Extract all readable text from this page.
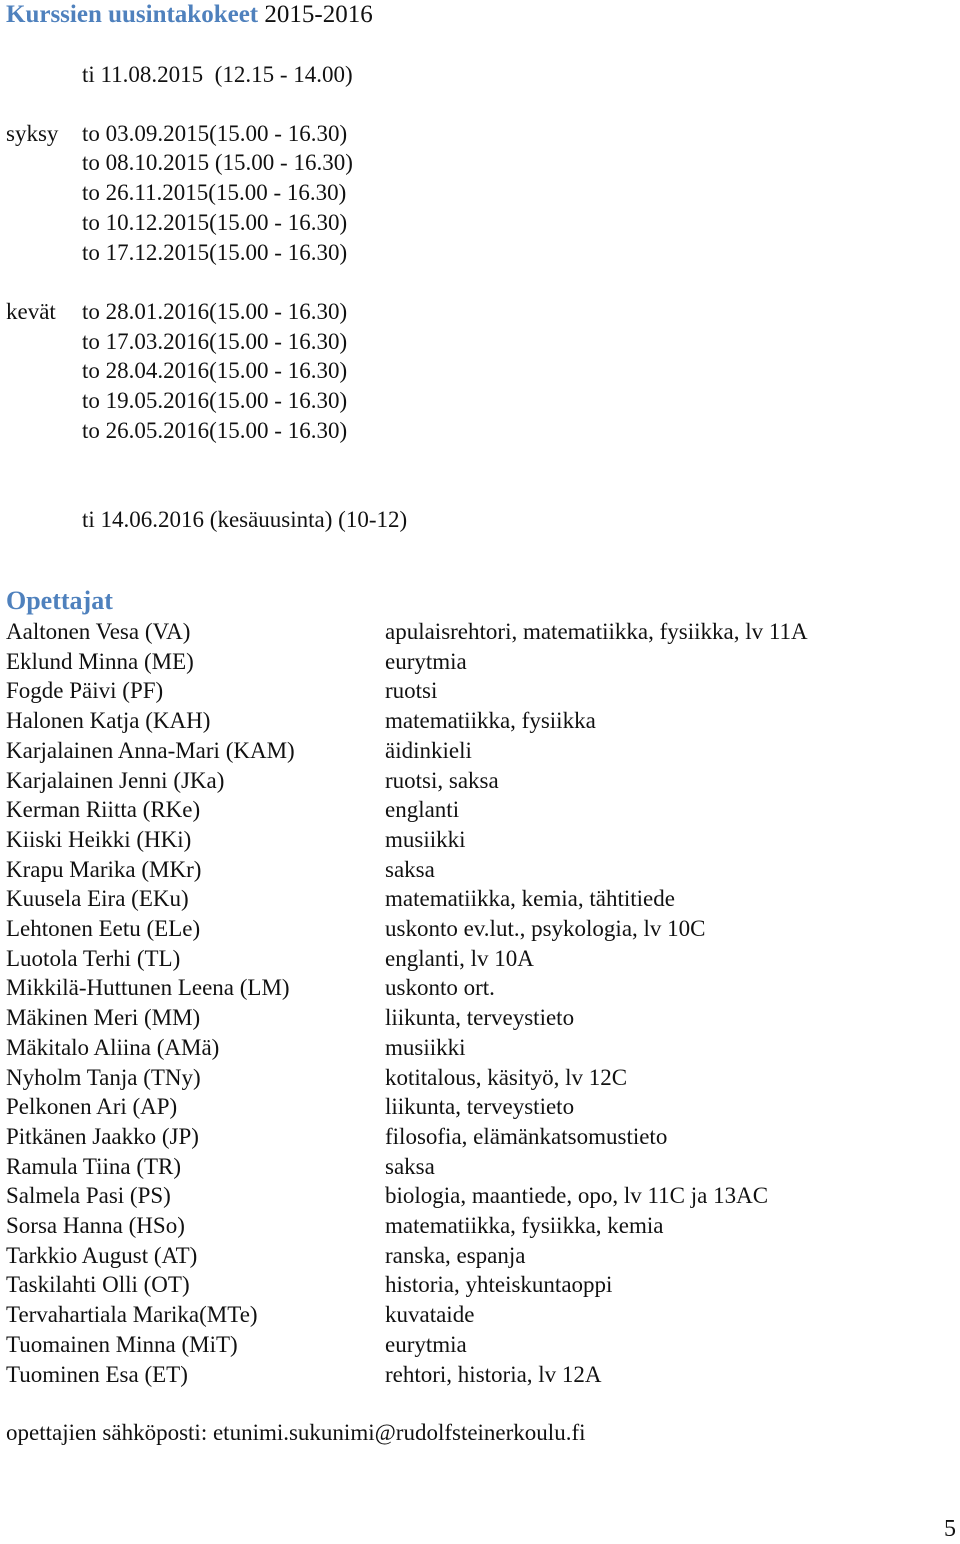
Kurssien uusintakokeet 2015-2016
ti 11.08.2015  (12.15 - 14.00)
syksy to 03.09.2015(15.00 - 16.30)
to 08.10.2015 (15.00 - 16.30)
to 26.11.2015(15.00 - 16.30)
to 10.12.2015(15.00 - 16.30)
to 17.12.2015(15.00 - 16.30)
kevät to 28.01.2016(15.00 - 16.30)
to 17.03.2016(15.00 - 16.30)
to 28.04.2016(15.00 - 16.30)
to 19.05.2016(15.00 - 16.30)
to 26.05.2016(15.00 - 16.30)
ti 14.06.2016 (kesäuusinta) (10-12)
Opettajat
Aaltonen Vesa (VA)	apulaisrehtori, matematiikka, fysiikka, lv 11A
Eklund Minna (ME)	eurytmia
Fogde Päivi (PF)	ruotsi
Halonen Katja (KAH)	matematiikka, fysiikka
Karjalainen Anna-Mari (KAM)	äidinkieli
Karjalainen Jenni (JKa)	ruotsi, saksa
Kerman Riitta (RKe)	englanti
Kiiski Heikki (HKi)	musiikki
Krapu Marika (MKr)	saksa
Kuusela Eira (EKu)	matematiikka, kemia, tähtitiede
Lehtonen Eetu (ELe)	uskonto ev.lut., psykologia, lv 10C
Luotola Terhi (TL)	englanti, lv 10A
Mikkilä-Huttunen Leena (LM)	uskonto ort.
Mäkinen Meri (MM)	liikunta, terveystieto
Mäkitalo Aliina (AMä)	musiikki
Nyholm Tanja (TNy)	kotitalous, käsityö, lv 12C
Pelkonen Ari (AP)	liikunta, terveystieto
Pitkänen Jaakko (JP)	filosofia, elämänkatsomustieto
Ramula Tiina (TR)	saksa
Salmela Pasi (PS)	biologia, maantiede, opo, lv 11C ja 13AC
Sorsa Hanna (HSo)	matematiikka, fysiikka, kemia
Tarkkio August (AT)	ranska, espanja
Taskilahti Olli (OT)	historia, yhteiskuntaoppi
Tervahartiala Marika(MTe)	kuvataide
Tuomainen Minna (MiT)	eurytmia
Tuominen Esa (ET)	rehtori, historia, lv 12A
opettajien sähköposti: etunimi.sukunimi@rudolfsteinerkoulu.fi
5
